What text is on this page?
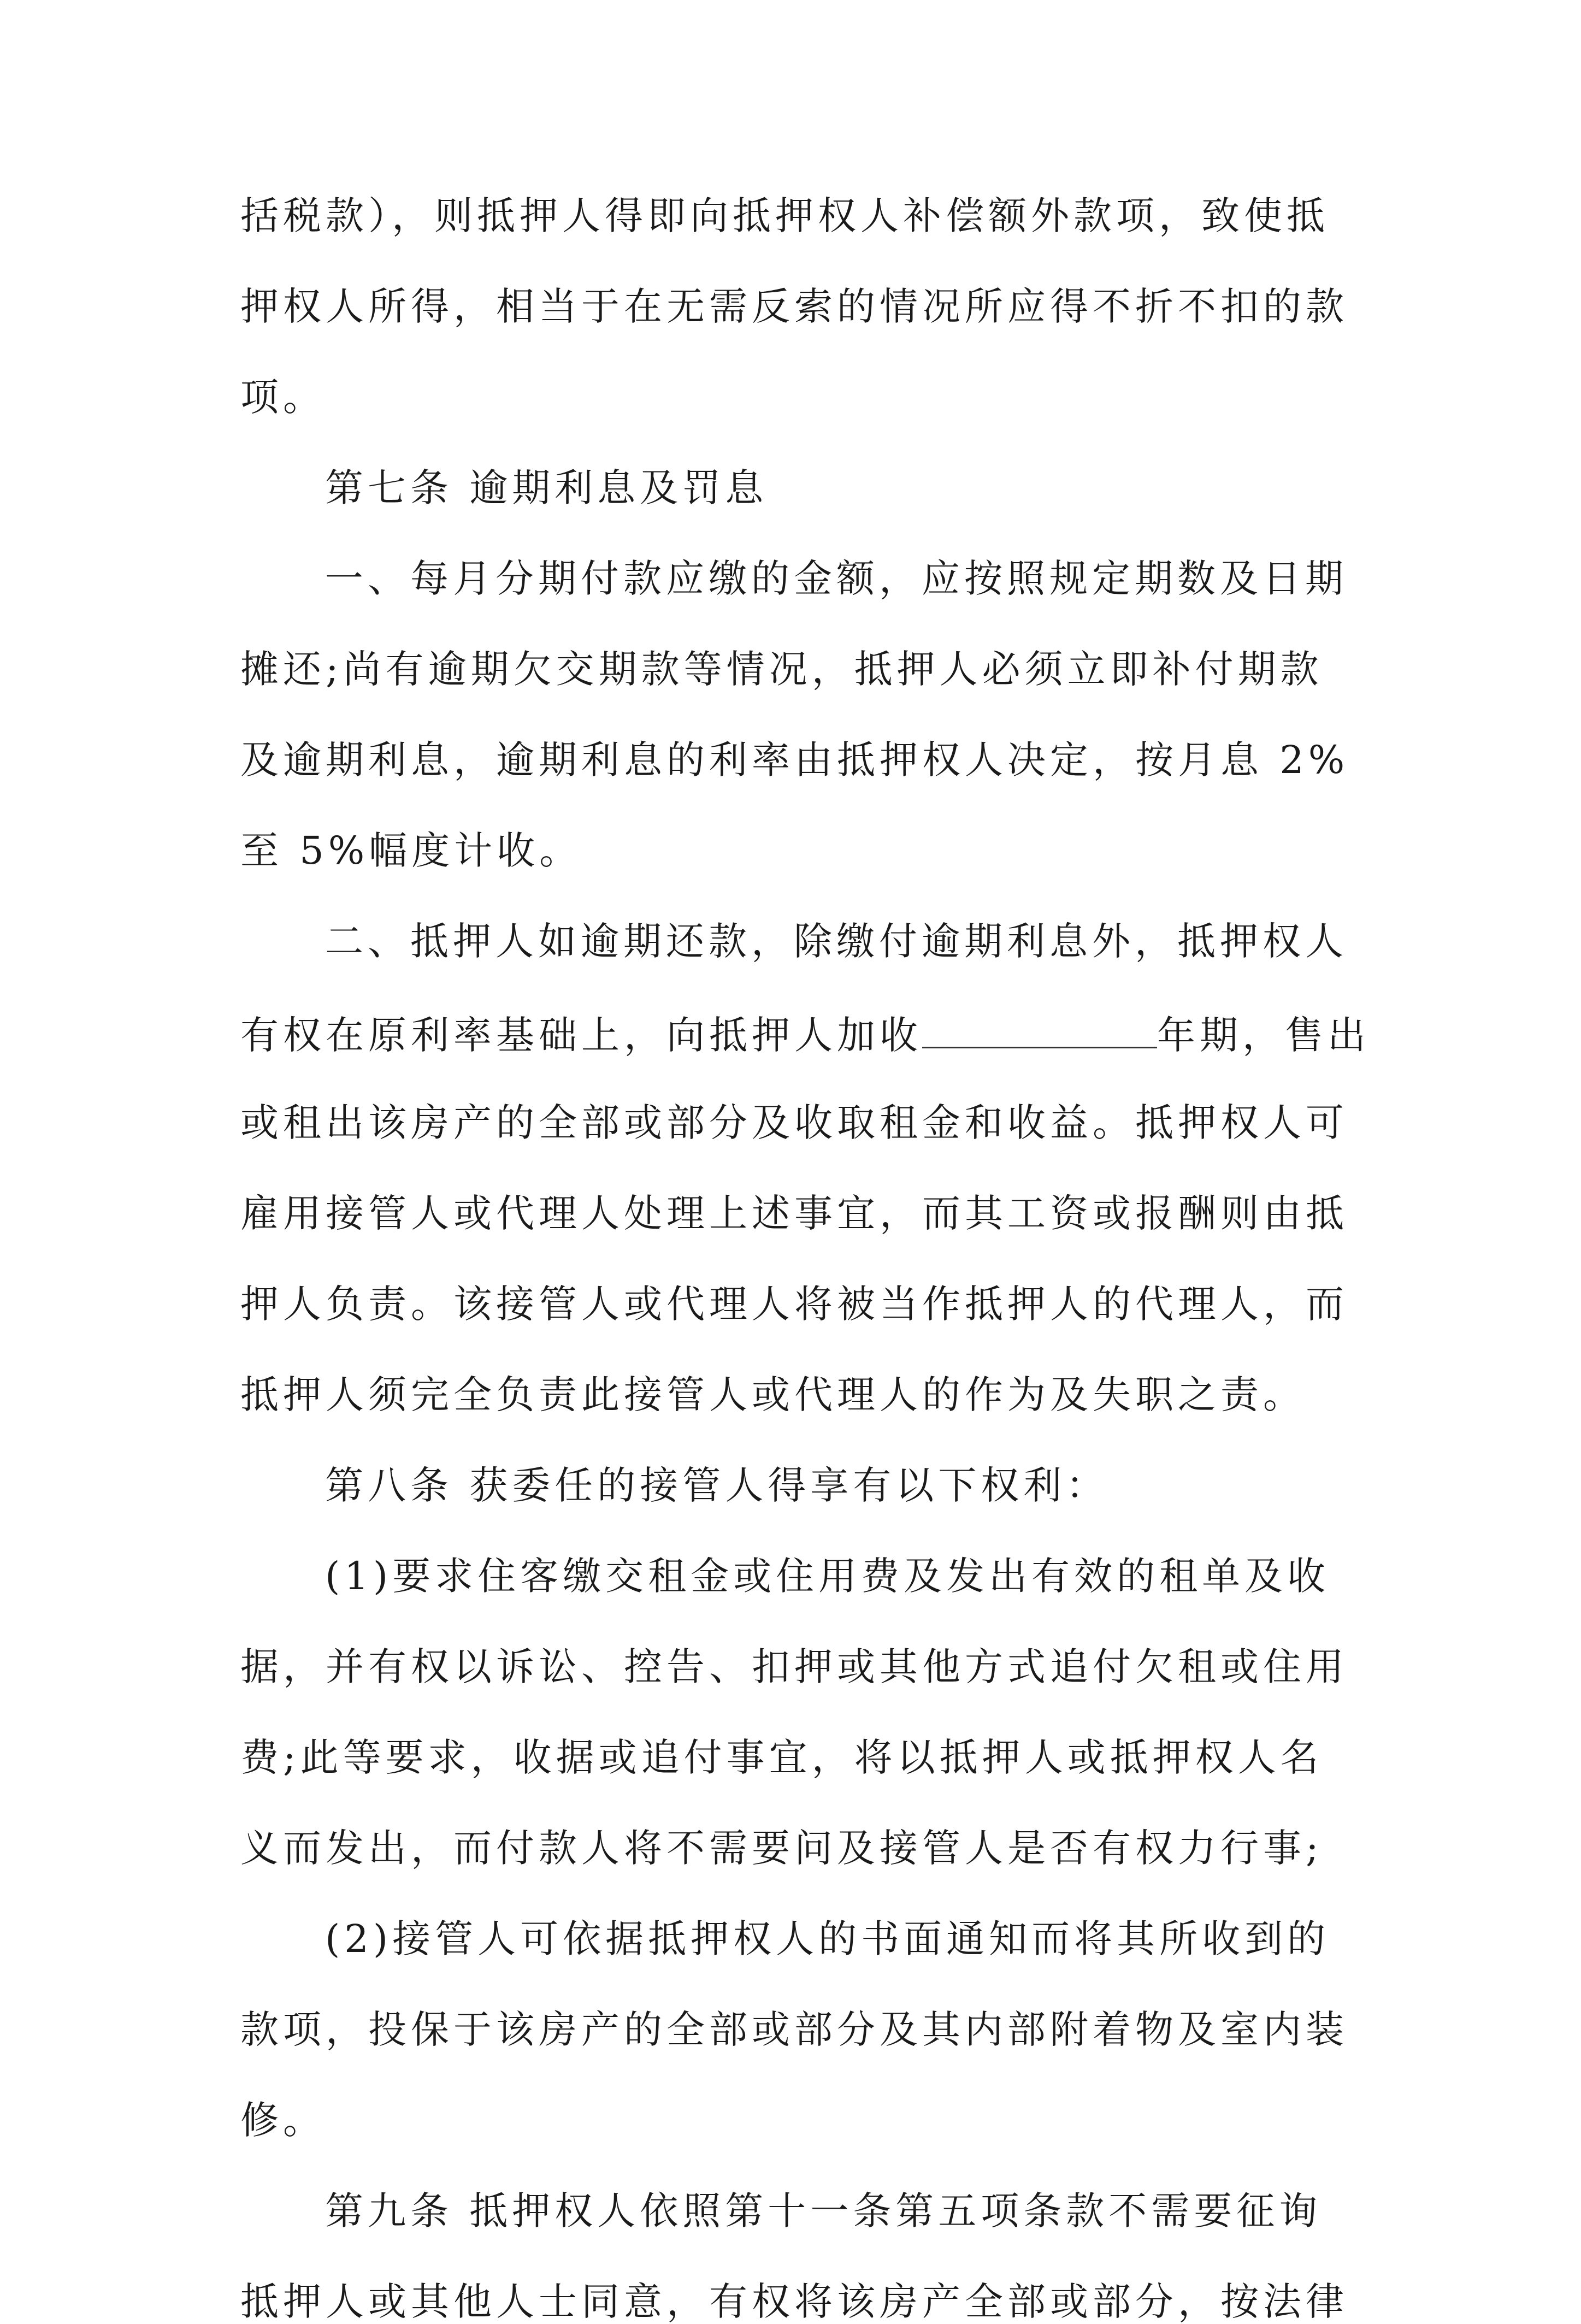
括税款），则抵押人得即向抵押权人补偿额外款项，致使抵
押权人所得，相当于在无需反索的情况所应得不折不扣的款
项。
第七条 逾期利息及罚息
一、每月分期付款应缴的金额，应按照规定期数及日期
摊还;尚有逾期欠交期款等情况，抵押人必须立即补付期款
及逾期利息，逾期利息的利率由抵押权人决定，按月息 2%
至 5%幅度计收。
二、抵押人如逾期还款，除缴付逾期利息外，抵押权人
有权在原利率基础上，向抵押人加收	年期，售出
或租出该房产的全部或部分及收取租金和收益。抵押权人可
雇用接管人或代理人处理上述事宜，而其工资或报酬则由抵
押人负责。该接管人或代理人将被当作抵押人的代理人，而
抵押人须完全负责此接管人或代理人的作为及失职之责。
第八条 获委任的接管人得享有以下权利：
(1)要求住客缴交租金或住用费及发出有效的租单及收
据，并有权以诉讼、控告、扣押或其他方式追付欠租或住用
费;此等要求，收据或追付事宜，将以抵押人或抵押权人名
义而发出，而付款人将不需要问及接管人是否有权力行事;
(2)接管人可依据抵押权人的书面通知而将其所收到的
款项，投保于该房产的全部或部分及其内部附着物及室内装
修。
第九条 抵押权人依照第十一条第五项条款不需要征询
抵押人或其他人士同意，有权将该房产全部或部分，按法律
